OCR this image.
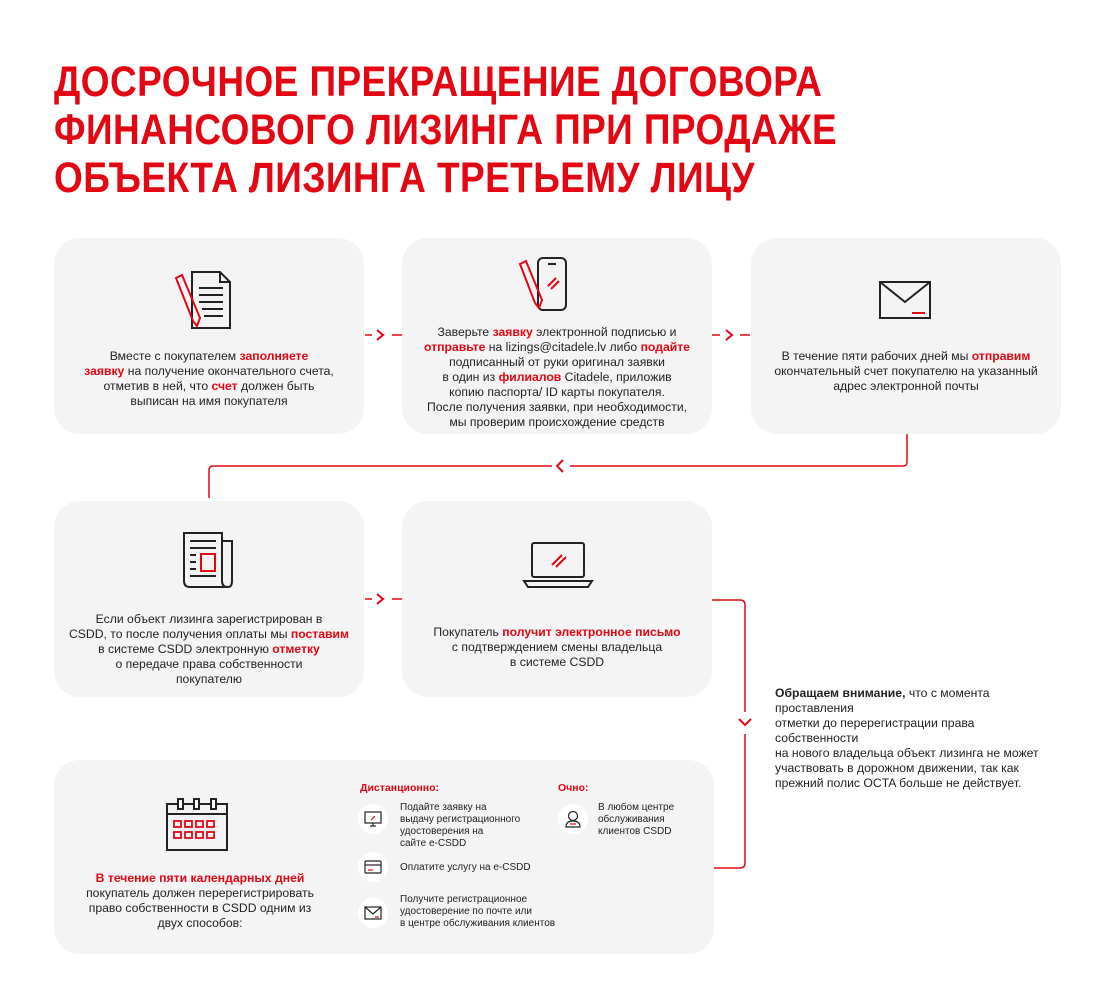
ДОСРОЧНОЕ ПРЕКРАЩЕНИЕ ДОГОВОРА
ФИНАНСОВОГО ЛИЗИНГА ПРИ ПРОДАЖЕ
ОБЪЕКТА ЛИЗИНГА ТРЕТЬЕМУ ЛИЦУ
Вместе с покупателем заполняете
заявку на получение окончательного счета,
отметив в ней, что счет должен быть
выписан на имя покупателя
Заверьте заявку электронной подписью и
отправьте на lizings@citadele.lv либо подайте
подписанный от руки оригинал заявки
в один из филиалов Citadele, приложив
копию паспорта/ ID карты покупателя.
После получения заявки, при необходимости,
мы проверим происхождение средств
В течение пяти рабочих дней мы отправим
окончательный счет покупателю на указанный
адрес электронной почты
Если объект лизинга зарегистрирован в
CSDD, то после получения оплаты мы поставим
в системе CSDD электронную отметку
о передаче права собственности
покупателю
Покупатель получит электронное письмо
с подтверждением смены владельца
в системе CSDD
Обращаем внимание, что с момента проставления
отметки до перерегистрации права собственности
на нового владельца объект лизинга не может
участвовать в дорожном движении, так как
прежний полис OCTA больше не действует.
В течение пяти календарных дней
покупатель должен перерегистрировать
право собственности в CSDD одним из
двух способов:
Дистанционно:
Подайте заявку на
выдачу регистрационного
удостоверения на
сайте e-CSDD
Оплатите услугу на e-CSDD
Получите регистрационное
удостоверение по почте или
в центре обслуживания клиентов
Очно:
В любом центре
обслуживания
клиентов CSDD
